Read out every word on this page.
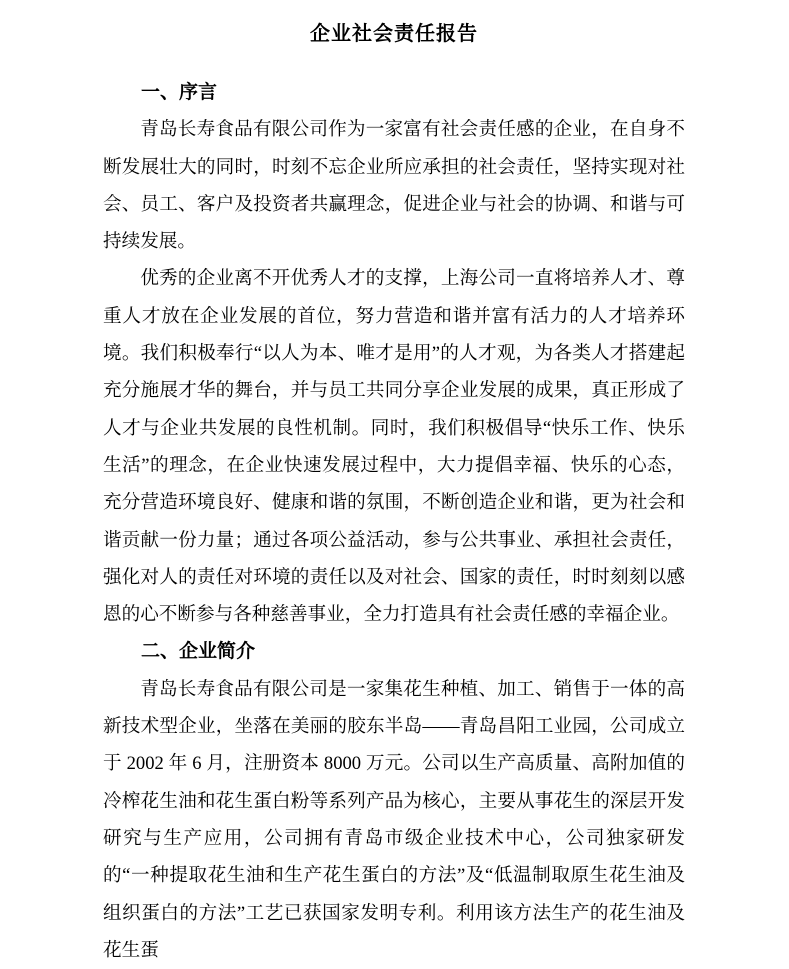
企业社会责任报告
一、序言

青岛长寿食品有限公司作为一家富有社会责任感的企业，在自身不断发展壮大的同时，时刻不忘企业所应承担的社会责任，坚持实现对社会、员工、客户及投资者共赢理念，促进企业与社会的协调、和谐与可持续发展。

优秀的企业离不开优秀人才的支撑，上海公司一直将培养人才、尊重人才放在企业发展的首位，努力营造和谐并富有活力的人才培养环境。我们积极奉行“以人为本、唯才是用”的人才观，为各类人才搭建起充分施展才华的舞台，并与员工共同分享企业发展的成果，真正形成了人才与企业共发展的良性机制。同时，我们积极倡导“快乐工作、快乐生活”的理念，在企业快速发展过程中，大力提倡幸福、快乐的心态，充分营造环境良好、健康和谐的氛围，不断创造企业和谐，更为社会和谐贡献一份力量；通过各项公益活动，参与公共事业、承担社会责任，强化对人的责任对环境的责任以及对社会、国家的责任，时时刻刻以感恩的心不断参与各种慈善事业，全力打造具有社会责任感的幸福企业。

二、企业简介

青岛长寿食品有限公司是一家集花生种植、加工、销售于一体的高新技术型企业，坐落在美丽的胶东半岛——青岛昌阳工业园，公司成立于 2002 年 6 月，注册资本 8000 万元。公司以生产高质量、高附加值的冷榨花生油和花生蛋白粉等系列产品为核心，主要从事花生的深层开发研究与生产应用，公司拥有青岛市级企业技术中心，公司独家研发的“一种提取花生油和生产花生蛋白的方法”及“低温制取原生花生油及组织蛋白的方法”工艺已获国家发明专利。利用该方法生产的花生油及花生蛋
